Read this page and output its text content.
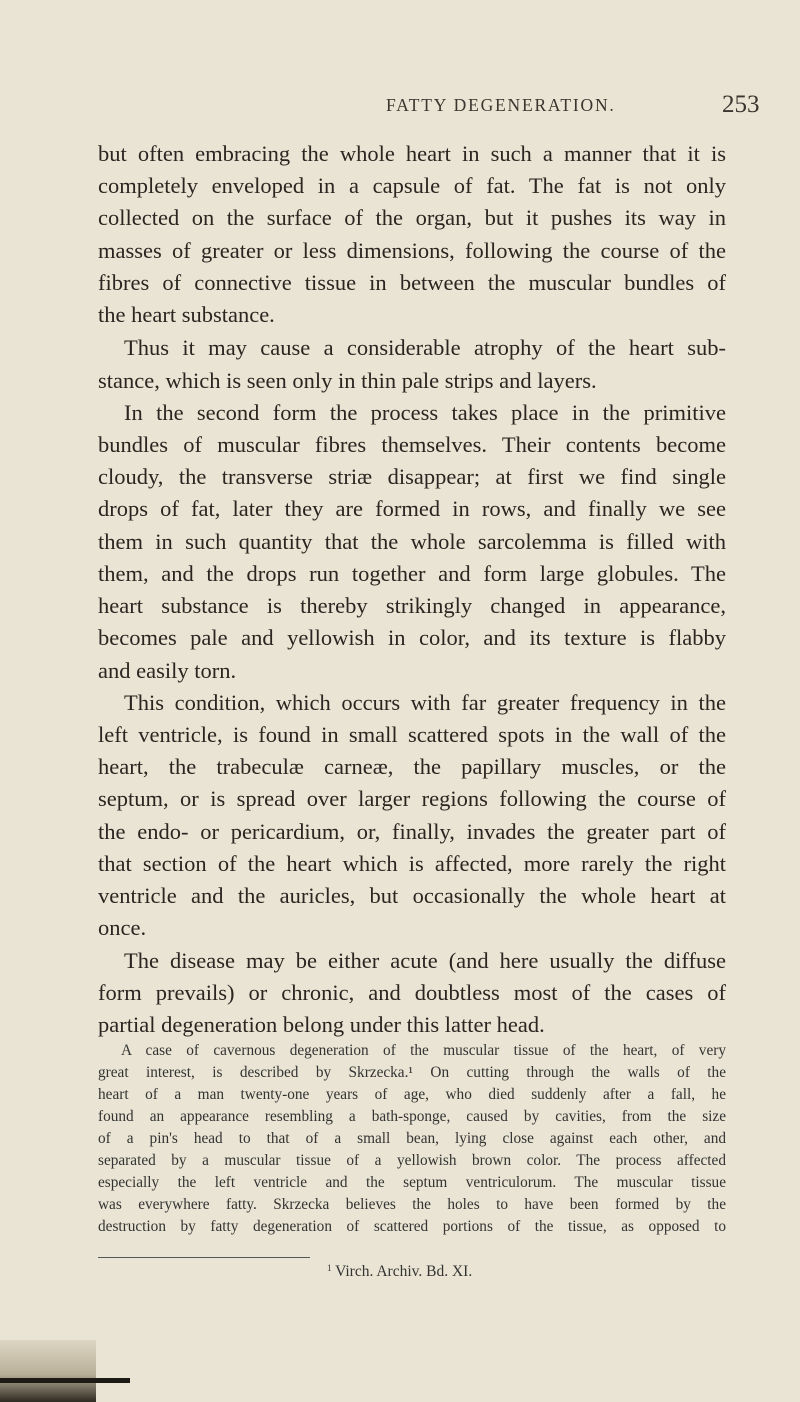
FATTY DEGENERATION.	253
but often embracing the whole heart in such a manner that it is
completely enveloped in a capsule of fat. The fat is not only
collected on the surface of the organ, but it pushes its way in
masses of greater or less dimensions, following the course of the
fibres of connective tissue in between the muscular bundles of
the heart substance.
Thus it may cause a considerable atrophy of the heart sub-
stance, which is seen only in thin pale strips and layers.
In the second form the process takes place in the primitive
bundles of muscular fibres themselves. Their contents become
cloudy, the transverse striæ disappear; at first we find single
drops of fat, later they are formed in rows, and finally we see
them in such quantity that the whole sarcolemma is filled with
them, and the drops run together and form large globules. The
heart substance is thereby strikingly changed in appearance,
becomes pale and yellowish in color, and its texture is flabby
and easily torn.
This condition, which occurs with far greater frequency in the
left ventricle, is found in small scattered spots in the wall of the
heart, the trabeculæ carneæ, the papillary muscles, or the
septum, or is spread over larger regions following the course of
the endo- or pericardium, or, finally, invades the greater part of
that section of the heart which is affected, more rarely the right
ventricle and the auricles, but occasionally the whole heart at
once.
The disease may be either acute (and here usually the diffuse
form prevails) or chronic, and doubtless most of the cases of
partial degeneration belong under this latter head.
A case of cavernous degeneration of the muscular tissue of the heart, of very
great interest, is described by Skrzecka.¹ On cutting through the walls of the
heart of a man twenty-one years of age, who died suddenly after a fall, he
found an appearance resembling a bath-sponge, caused by cavities, from the size
of a pin's head to that of a small bean, lying close against each other, and
separated by a muscular tissue of a yellowish brown color. The process affected
especially the left ventricle and the septum ventriculorum. The muscular tissue
was everywhere fatty. Skrzecka believes the holes to have been formed by the
destruction by fatty degeneration of scattered portions of the tissue, as opposed to
$^1$ Virch. Archiv. Bd. XI.
